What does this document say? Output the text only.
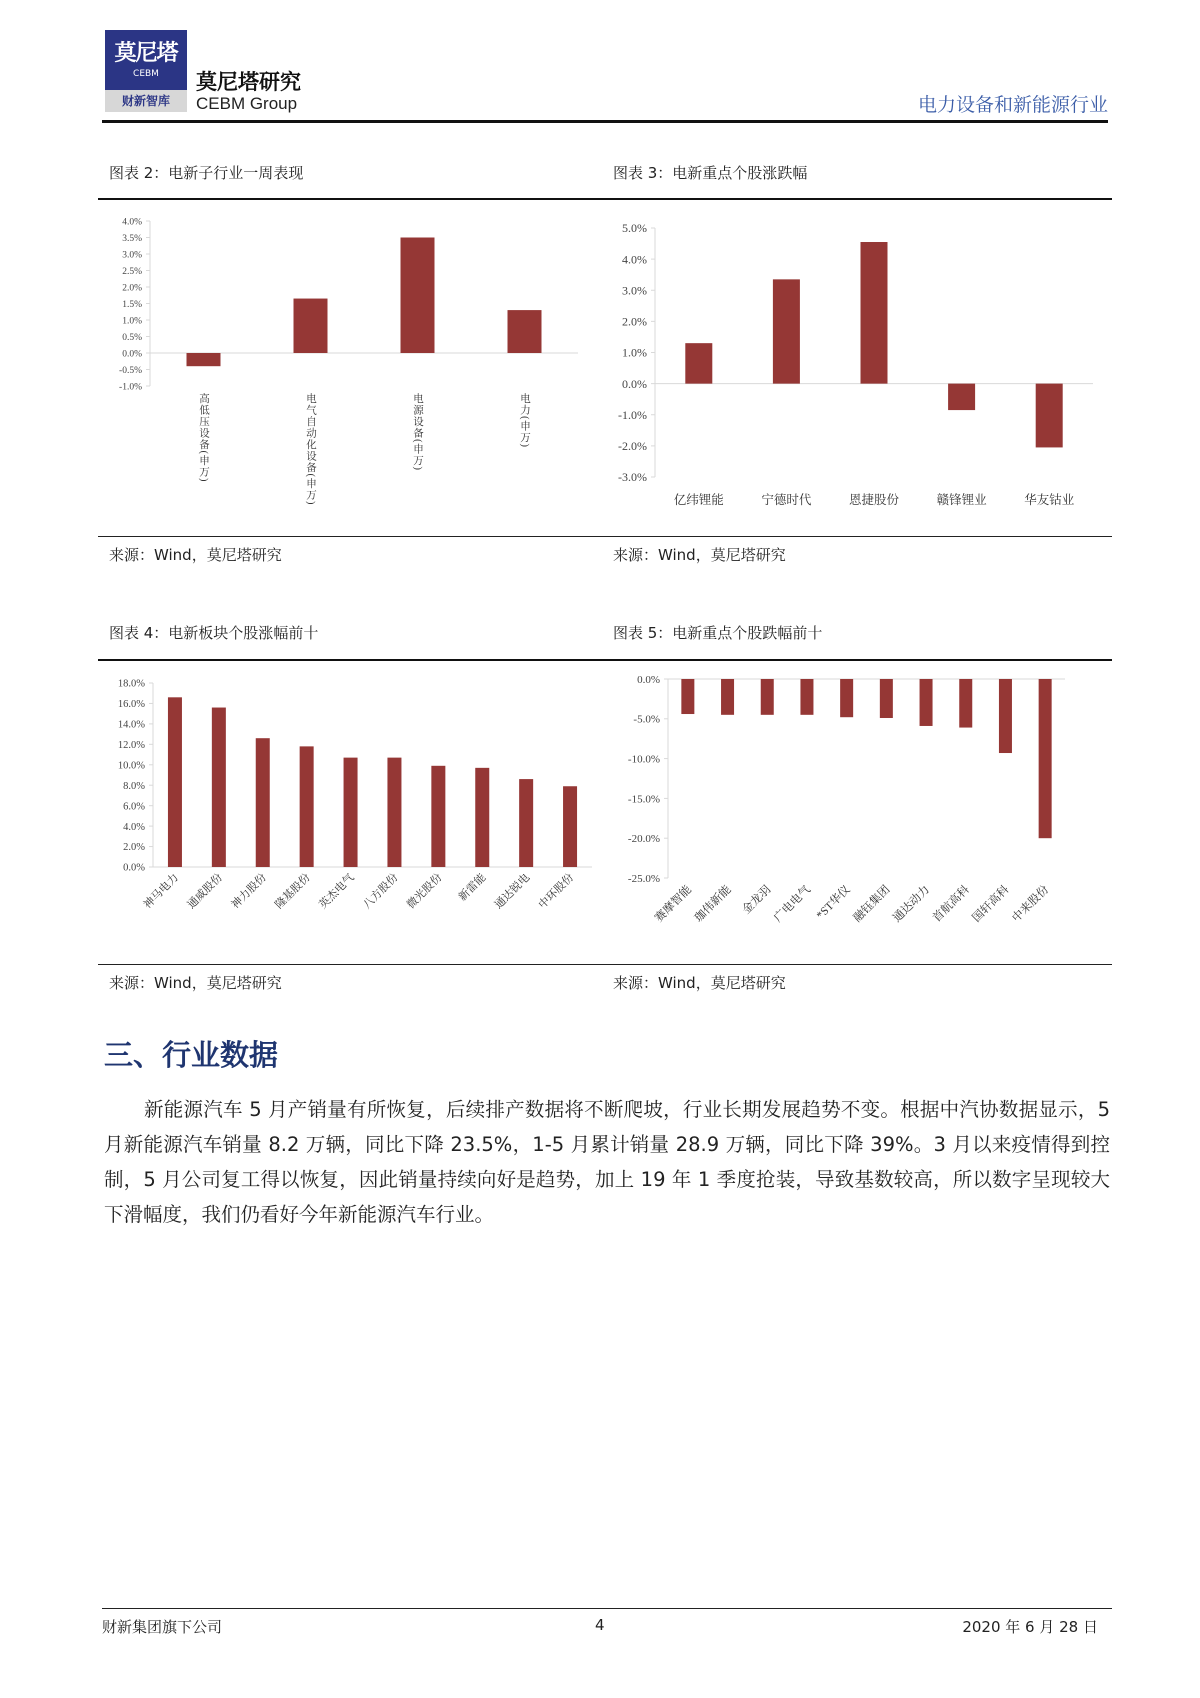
莫尼塔
CEBM
财新智库
莫尼塔研究
CEBM Group	电力设备和新能源行业
图表 2：电新子行业一周表现	图表 3：电新重点个股涨跌幅
来源：Wind，莫尼塔研究	来源：Wind，莫尼塔研究
图表 4：电新板块个股涨幅前十	图表 5：电新重点个股跌幅前十
来源：Wind，莫尼塔研究	来源：Wind，莫尼塔研究
4.0%
3.5%
3.0%
2.5%
2.0%
1.5%
1.0%
0.5%
0.0%
-0.5%
-1.0%
高低压设备(申万)	电气自动化设备(申万)	电源设备(申万)	电力(申万)
5.0%
4.0%
3.0%
2.0%
1.0%
0.0%
-1.0%
-2.0%
-3.0%
亿纬锂能	宁德时代	恩捷股份	赣锋锂业	华友钴业
18.0%
16.0%
14.0%
12.0%
10.0%
8.0%
6.0%
4.0%
2.0%
0.0%
神马电力 通威股份 神力股份 隆基股份 英杰电气 八方股份 微光股份 新雷能 通达锐电 中环股份
0.0%
-5.0%
-10.0%
-15.0%
-20.0%
-25.0%
赛摩智能
珈伟新能 金龙羽
广电电气 *ST华仪
融钰集团
通达动力
首航高科
国轩高科
中来股份
三、行业数据
新能源汽车 5 月产销量有所恢复，后续排产数据将不断爬坡，行业长期发展趋势不变。根据中汽协数据显示，5 月新能源汽车销量 8.2 万辆，同比下降 23.5%，1-5 月累计销量 28.9 万辆，同比下降 39%。3 月以来疫情得到控制，5 月公司复工得以恢复，因此销量持续向好是趋势，加上 19 年 1 季度抢装，导致基数较高，所以数字呈现较大下滑幅度，我们仍看好今年新能源汽车行业。
财新集团旗下公司	4	2020 年 6 月 28 日
